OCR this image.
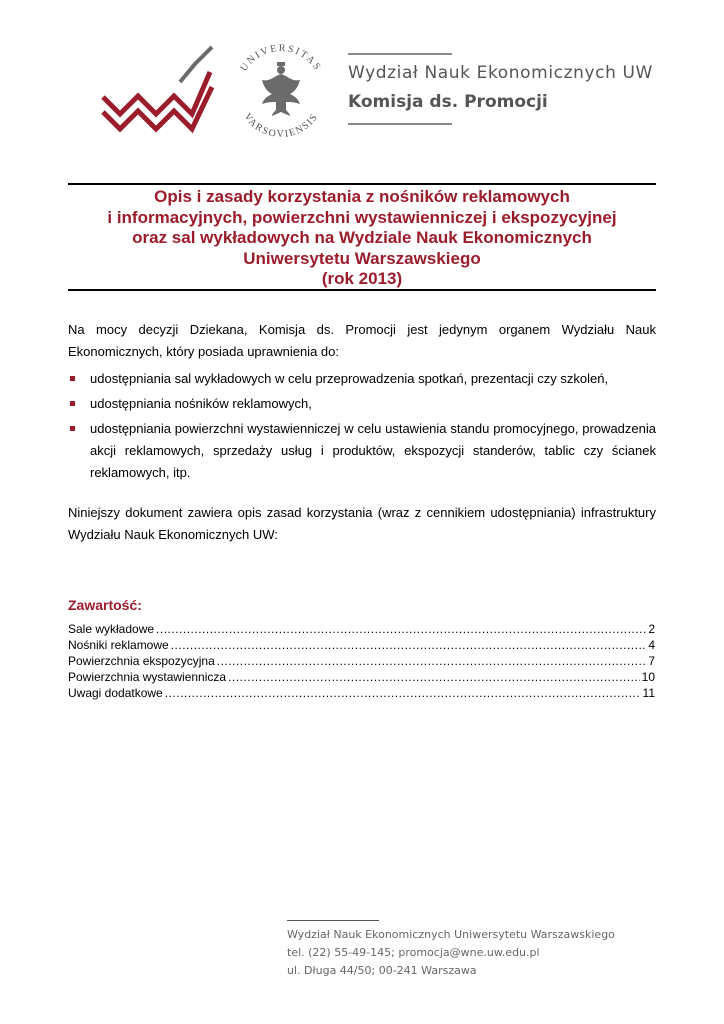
UNIVERSITAS
VARSOVIENSIS
Wydział Nauk Ekonomicznych UW
Komisja ds. Promocji
Opis i zasady korzystania z nośników reklamowych
i informacyjnych, powierzchni wystawienniczej i ekspozycyjnej
oraz sal wykładowych na Wydziale Nauk Ekonomicznych
Uniwersytetu Warszawskiego
(rok 2013)
Na mocy decyzji Dziekana, Komisja ds. Promocji jest jedynym organem Wydziału Nauk Ekonomicznych, który posiada uprawnienia do:
udostępniania sal wykładowych w celu przeprowadzenia spotkań, prezentacji czy szkoleń,
udostępniania nośników reklamowych,
udostępniania powierzchni wystawienniczej w celu ustawienia standu promocyjnego, prowadzenia akcji reklamowych, sprzedaży usług i produktów, ekspozycji standerów, tablic czy ścianek reklamowych, itp.
Niniejszy dokument zawiera opis zasad korzystania (wraz z cennikiem udostępniania) infrastruktury Wydziału Nauk Ekonomicznych UW:
Zawartość:
Sale wykładowe .....	2
Nośniki reklamowe .....	4
Powierzchnia ekspozycyjna .....	7
Powierzchnia wystawiennicza .....	10
Uwagi dodatkowe .....	11
Wydział Nauk Ekonomicznych Uniwersytetu Warszawskiego
tel. (22) 55-49-145; promocja@wne.uw.edu.pl
ul. Długa 44/50; 00-241 Warszawa
